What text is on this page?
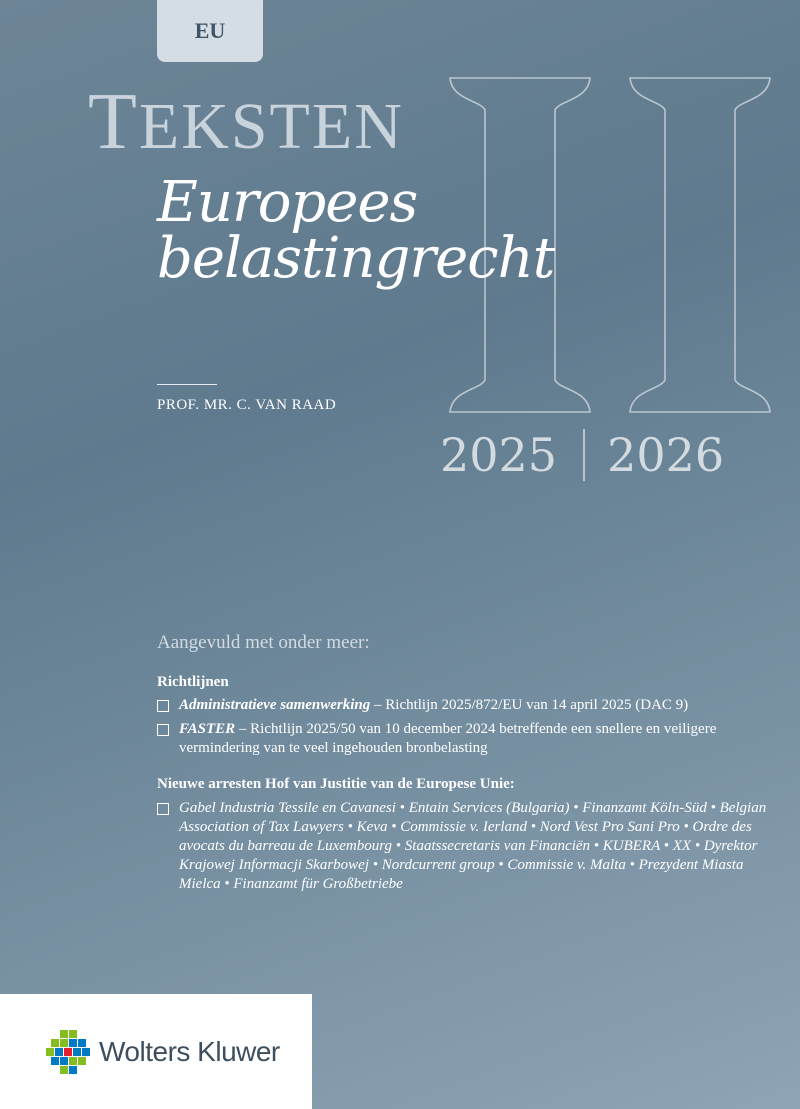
EU
TEKSTEN
Europees
belastingrecht
PROF. MR. C. VAN RAAD
2025 2026
Aangevuld met onder meer:
Richtlijnen
Administratieve samenwerking – Richtlijn 2025/872/EU van 14 april 2025 (DAC 9)
FASTER – Richtlijn 2025/50 van 10 december 2024 betreffende een snellere en veiligere vermindering van te veel ingehouden bronbelasting
Nieuwe arresten Hof van Justitie van de Europese Unie:
Gabel Industria Tessile en Cavanesi • Entain Services (Bulgaria) • Finanzamt Köln-Süd • Belgian Association of Tax Lawyers • Keva • Commissie v. Ierland • Nord Vest Pro Sani Pro • Ordre des avocats du barreau de Luxembourg • Staatssecretaris van Financiën • KUBERA • XX • Dyrektor Krajowej Informacji Skarbowej • Nordcurrent group • Commissie v. Malta • Prezydent Miasta Mielca • Finanzamt für Großbetriebe
Wolters Kluwer
